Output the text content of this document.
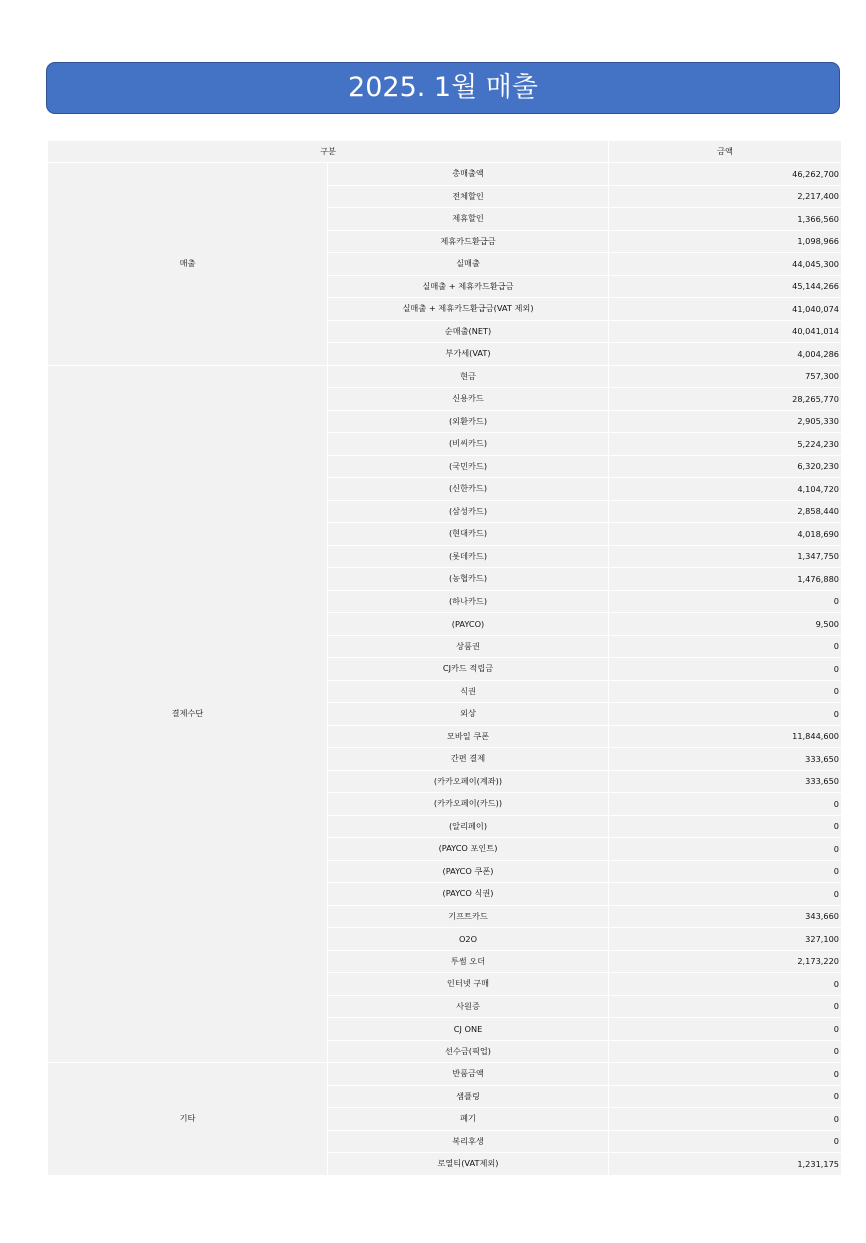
2025. 1월 매출
구분		금액
매출	총매출액	46,262,700
	전체할인	2,217,400
	제휴할인	1,366,560
	제휴카드환급금	1,098,966
	실매출	44,045,300
	실매출 + 제휴카드환급금	45,144,266
	실매출 + 제휴카드환급금(VAT 제외)	41,040,074
	순매출(NET)	40,041,014
	부가세(VAT)	4,004,286
결제수단	현금	757,300
	신용카드	28,265,770
	(외환카드)	2,905,330
	(비씨카드)	5,224,230
	(국민카드)	6,320,230
	(신한카드)	4,104,720
	(삼성카드)	2,858,440
	(현대카드)	4,018,690
	(롯데카드)	1,347,750
	(농협카드)	1,476,880
	(하나카드)	0
	(PAYCO)	9,500
	상품권	0
	CJ카드 적립금	0
	식권	0
	외상	0
	모바일 쿠폰	11,844,600
	간편 결제	333,650
	(카카오페이(계좌))	333,650
	(카카오페이(카드))	0
	(알리페이)	0
	(PAYCO 포인트)	0
	(PAYCO 쿠폰)	0
	(PAYCO 식권)	0
	기프트카드	343,660
	O2O	327,100
	투썸 오더	2,173,220
	인터넷 구매	0
	사원증	0
	CJ ONE	0
	선수금(픽업)	0
기타	반품금액	0
	샘플링	0
	폐기	0
	복리후생	0
	로열티(VAT제외)	1,231,175
